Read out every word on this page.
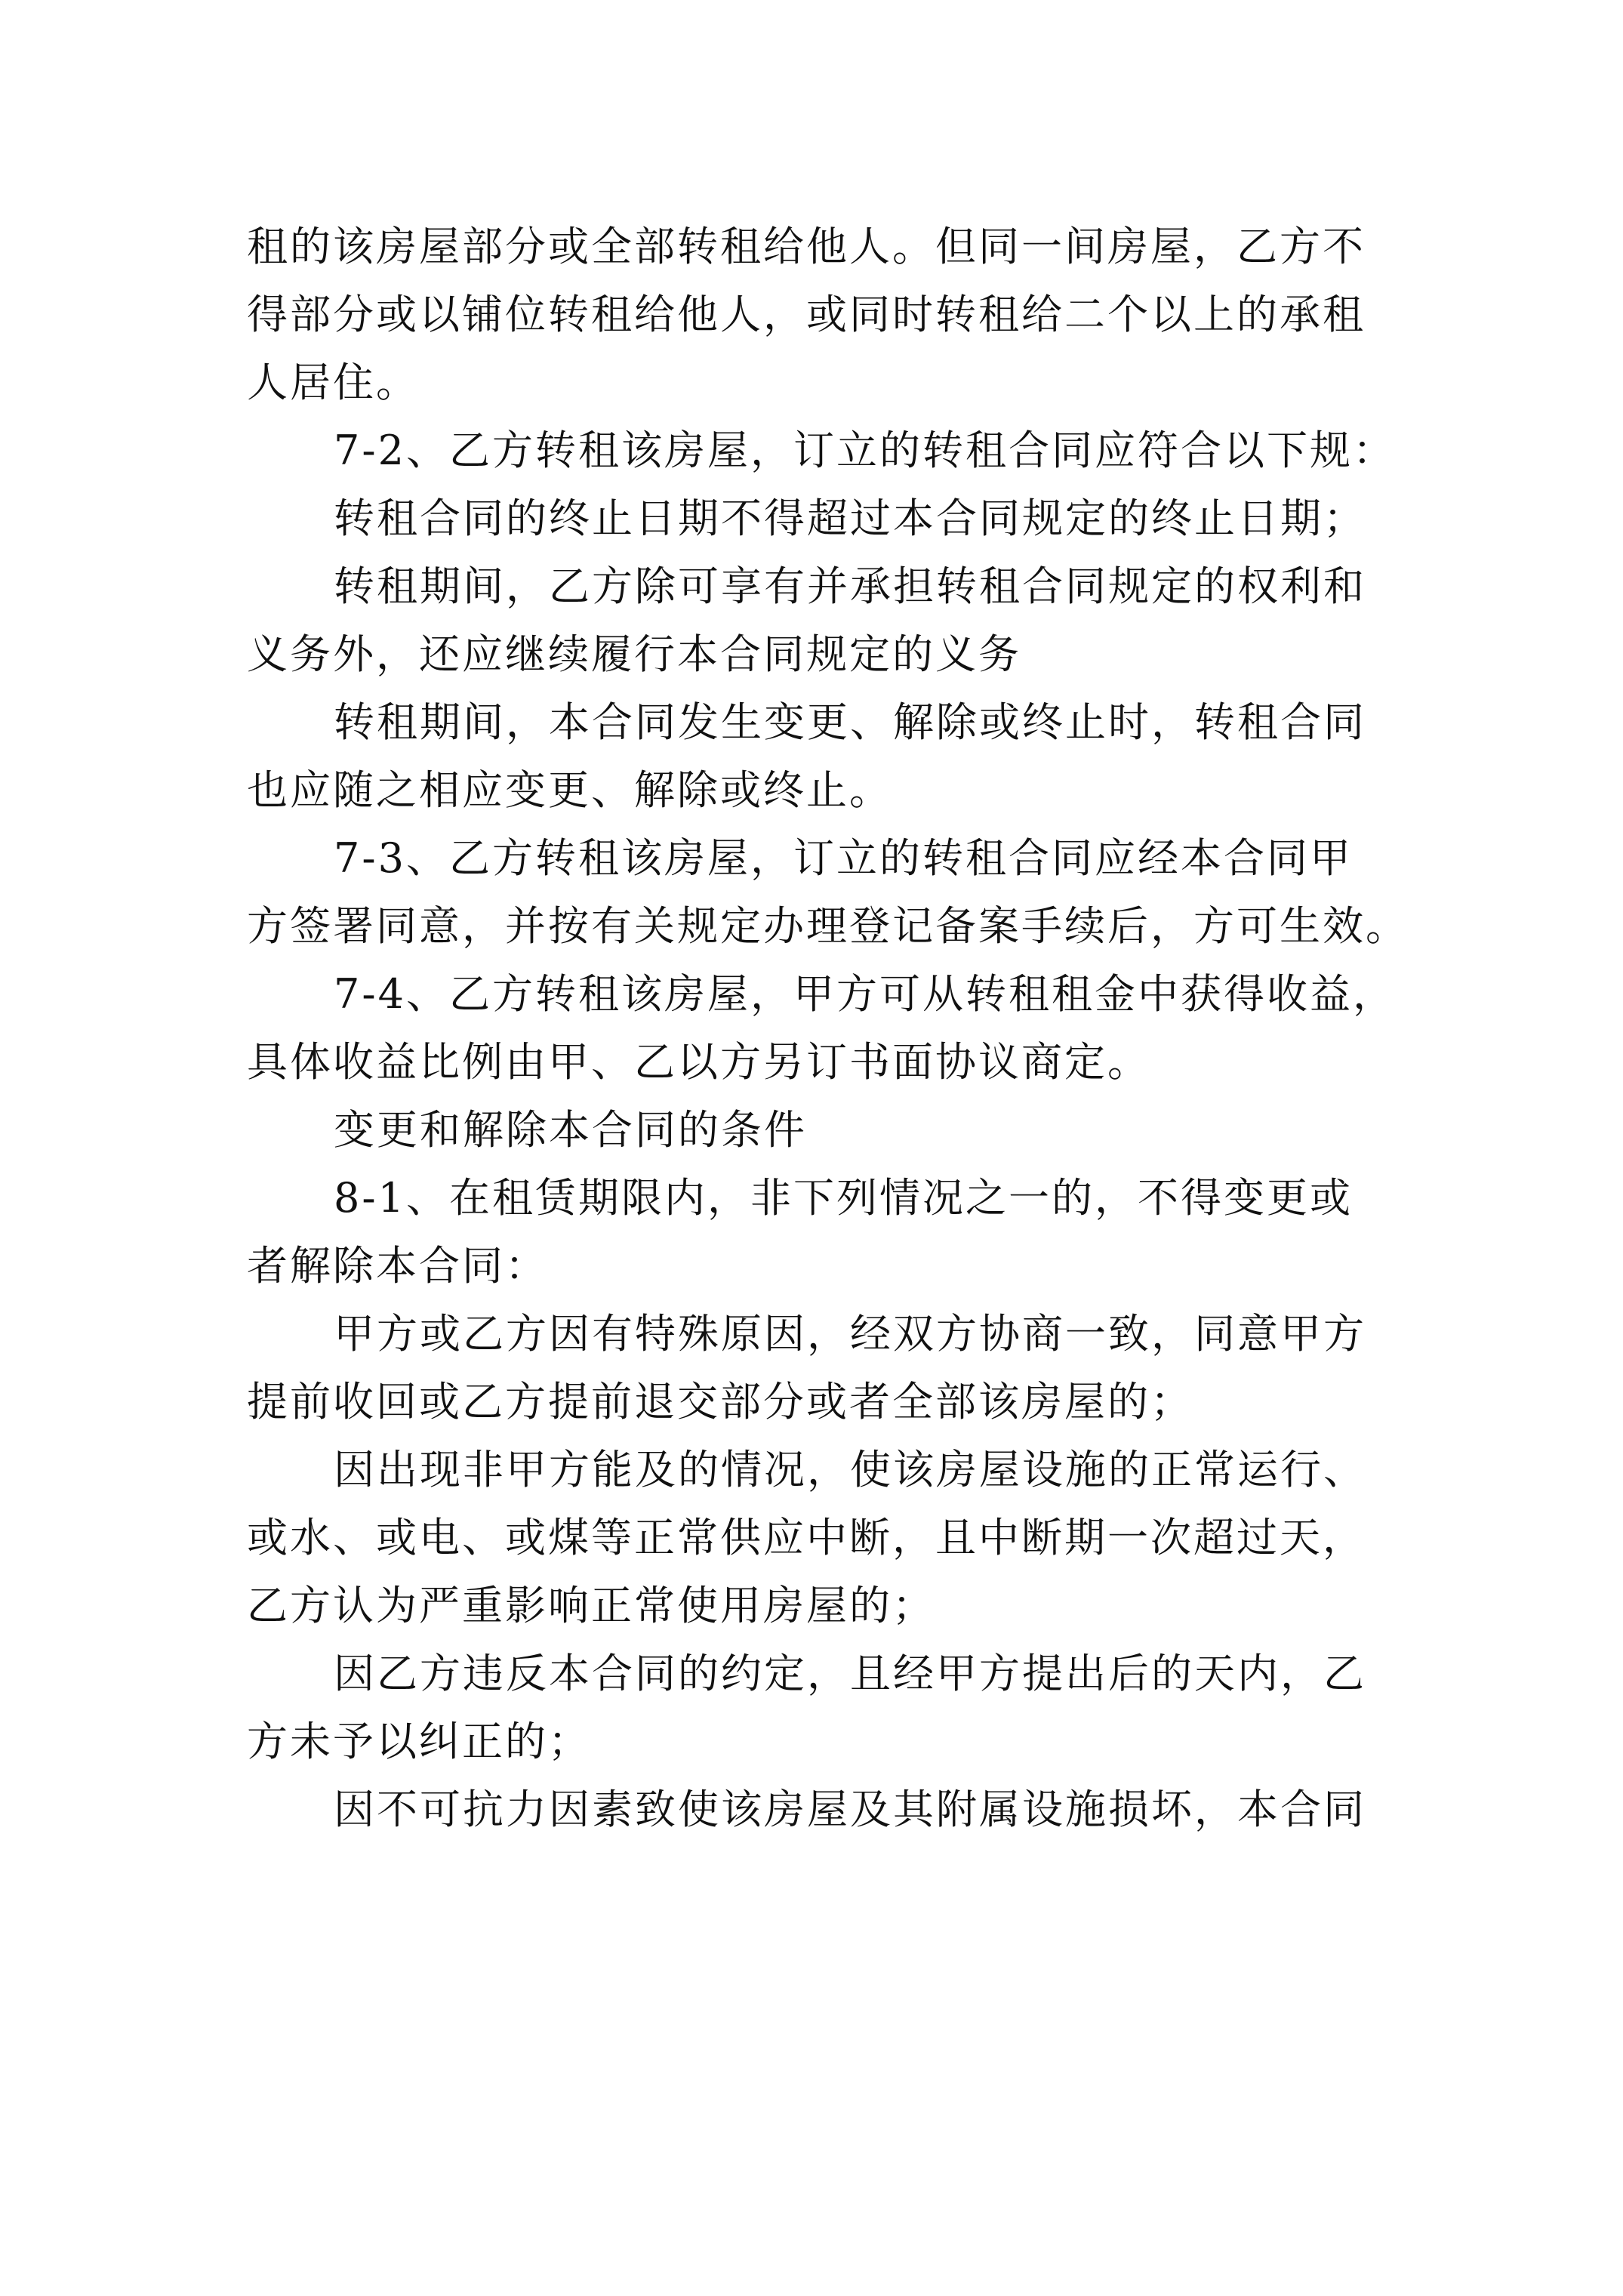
租的该房屋部分或全部转租给他人。但同一间房屋，乙方不
得部分或以铺位转租给他人，或同时转租给二个以上的承租
人居住。

7-2、乙方转租该房屋，订立的转租合同应符合以下规：

转租合同的终止日期不得超过本合同规定的终止日期；

转租期间，乙方除可享有并承担转租合同规定的权利和
义务外，还应继续履行本合同规定的义务

转租期间，本合同发生变更、解除或终止时，转租合同
也应随之相应变更、解除或终止。

7-3、乙方转租该房屋，订立的转租合同应经本合同甲
方签署同意，并按有关规定办理登记备案手续后，方可生效。

7-4、乙方转租该房屋，甲方可从转租租金中获得收益，
具体收益比例由甲、乙以方另订书面协议商定。

变更和解除本合同的条件

8-1、在租赁期限内，非下列情况之一的，不得变更或
者解除本合同：

甲方或乙方因有特殊原因，经双方协商一致，同意甲方
提前收回或乙方提前退交部分或者全部该房屋的；

因出现非甲方能及的情况，使该房屋设施的正常运行、
或水、或电、或煤等正常供应中断，且中断期一次超过天，
乙方认为严重影响正常使用房屋的；

因乙方违反本合同的约定，且经甲方提出后的天内，乙
方未予以纠正的；

因不可抗力因素致使该房屋及其附属设施损坏，本合同
